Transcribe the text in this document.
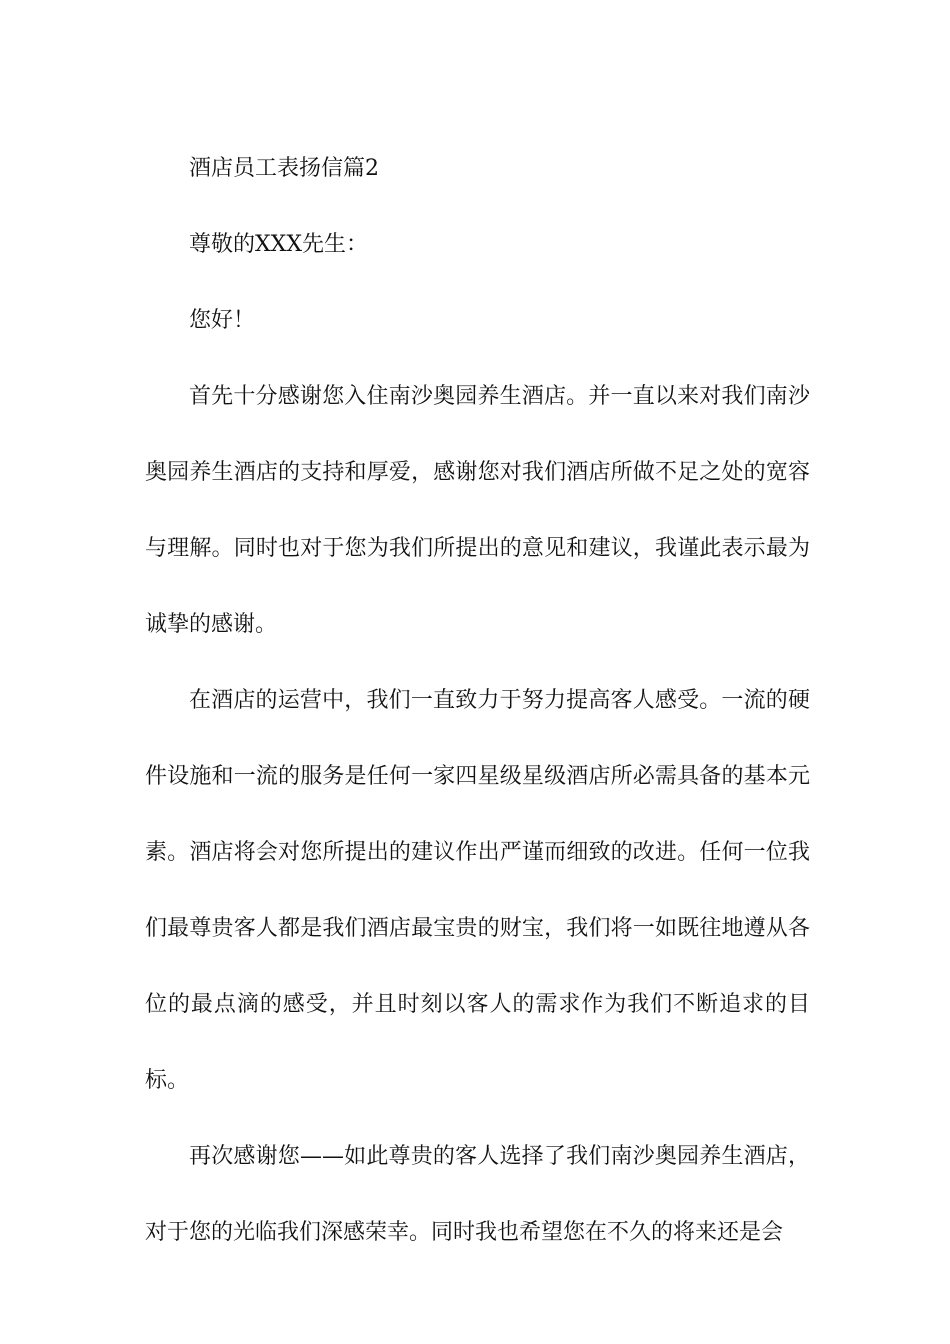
酒店员工表扬信篇2

尊敬的XXX先生：

您好！

首先十分感谢您入住南沙奥园养生酒店。并一直以来对我们南沙奥园养生酒店的支持和厚爱，感谢您对我们酒店所做不足之处的宽容与理解。同时也对于您为我们所提出的意见和建议，我谨此表示最为诚挚的感谢。

在酒店的运营中，我们一直致力于努力提高客人感受。一流的硬件设施和一流的服务是任何一家四星级星级酒店所必需具备的基本元素。酒店将会对您所提出的建议作出严谨而细致的改进。任何一位我们最尊贵客人都是我们酒店最宝贵的财宝，我们将一如既往地遵从各位的最点滴的感受，并且时刻以客人的需求作为我们不断追求的目标。

再次感谢您——如此尊贵的客人选择了我们南沙奥园养生酒店，对于您的光临我们深感荣幸。同时我也希望您在不久的将来还是会
